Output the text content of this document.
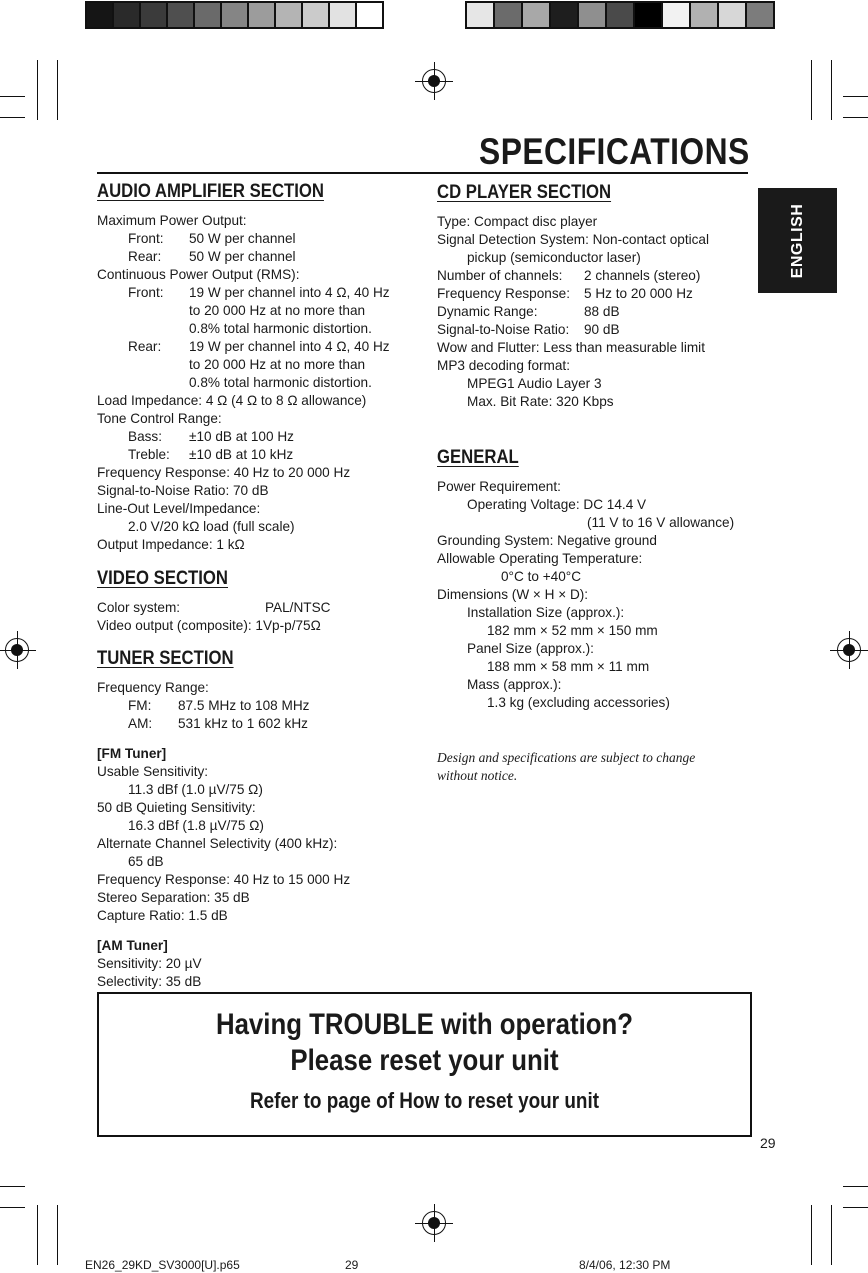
SPECIFICATIONS
ENGLISH
AUDIO AMPLIFIER SECTION
VIDEO SECTION
TUNER SECTION
CD PLAYER SECTION
GENERAL
Maximum Power Output:
Front: 50 W per channel
Rear: 50 W per channel
Continuous Power Output (RMS):
Front: 19 W per channel into 4 Ω, 40 Hz
to 20 000 Hz at no more than
0.8% total harmonic distortion.
Rear: 19 W per channel into 4 Ω, 40 Hz
to 20 000 Hz at no more than
0.8% total harmonic distortion.
Load Impedance: 4 Ω (4 Ω to 8 Ω allowance)
Tone Control Range:
Bass: ±10 dB at 100 Hz
Treble: ±10 dB at 10 kHz
Frequency Response: 40 Hz to 20 000 Hz
Signal-to-Noise Ratio: 70 dB
Line-Out Level/Impedance:
2.0 V/20 kΩ load (full scale)
Output Impedance: 1 kΩ
Color system:	PAL/NTSC
Video output (composite): 1Vp-p/75Ω
Frequency Range:
FM: 87.5 MHz to 108 MHz
AM: 531 kHz to 1 602 kHz
[FM Tuner]
Usable Sensitivity:
11.3 dBf (1.0 µV/75 Ω)
50 dB Quieting Sensitivity:
16.3 dBf (1.8 µV/75 Ω)
Alternate Channel Selectivity (400 kHz):
65 dB
Frequency Response: 40 Hz to 15 000 Hz
Stereo Separation: 35 dB
Capture Ratio: 1.5 dB
[AM Tuner]
Sensitivity: 20 µV
Selectivity: 35 dB
Type: Compact disc player
Signal Detection System: Non-contact optical
pickup (semiconductor laser)
Number of channels: 2 channels (stereo)
Frequency Response: 5 Hz to 20 000 Hz
Dynamic Range:	88 dB
Signal-to-Noise Ratio: 90 dB
Wow and Flutter: Less than measurable limit
MP3 decoding format:
MPEG1 Audio Layer 3
Max. Bit Rate: 320 Kbps
Power Requirement:
Operating Voltage: DC 14.4 V
(11 V to 16 V allowance)
Grounding System: Negative ground
Allowable Operating Temperature:
0°C to +40°C
Dimensions (W × H × D):
Installation Size (approx.):
182 mm × 52 mm × 150 mm
Panel Size (approx.):
188 mm × 58 mm × 11 mm
Mass (approx.):
1.3 kg (excluding accessories)
Design and specifications are subject to change
without notice.
Having TROUBLE with operation?
Please reset your unit
Refer to page of How to reset your unit
29
EN26_29KD_SV3000[U].p65	29	8/4/06, 12:30 PM
